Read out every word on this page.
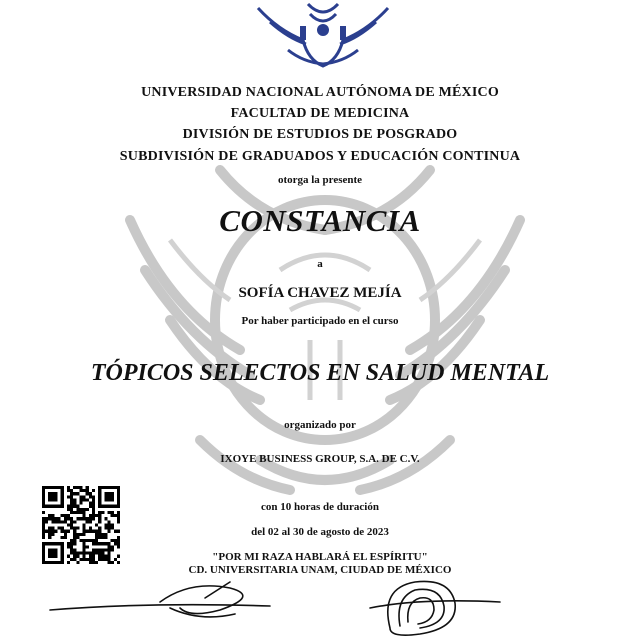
UNIVERSIDAD NACIONAL AUTÓNOMA DE MÉXICO
FACULTAD DE MEDICINA
DIVISIÓN DE ESTUDIOS DE POSGRADO
SUBDIVISIÓN DE GRADUADOS Y EDUCACIÓN CONTINUA
otorga la presente
CONSTANCIA
a
SOFÍA CHAVEZ MEJÍA
Por haber participado en el curso
TÓPICOS SELECTOS EN SALUD MENTAL
organizado por
IXOYE BUSINESS GROUP, S.A. DE C.V.
con 10 horas de duración
del 02 al 30 de agosto de 2023
"POR MI RAZA HABLARÁ EL ESPÍRITU"
CD. UNIVERSITARIA UNAM, CIUDAD DE MÉXICO
